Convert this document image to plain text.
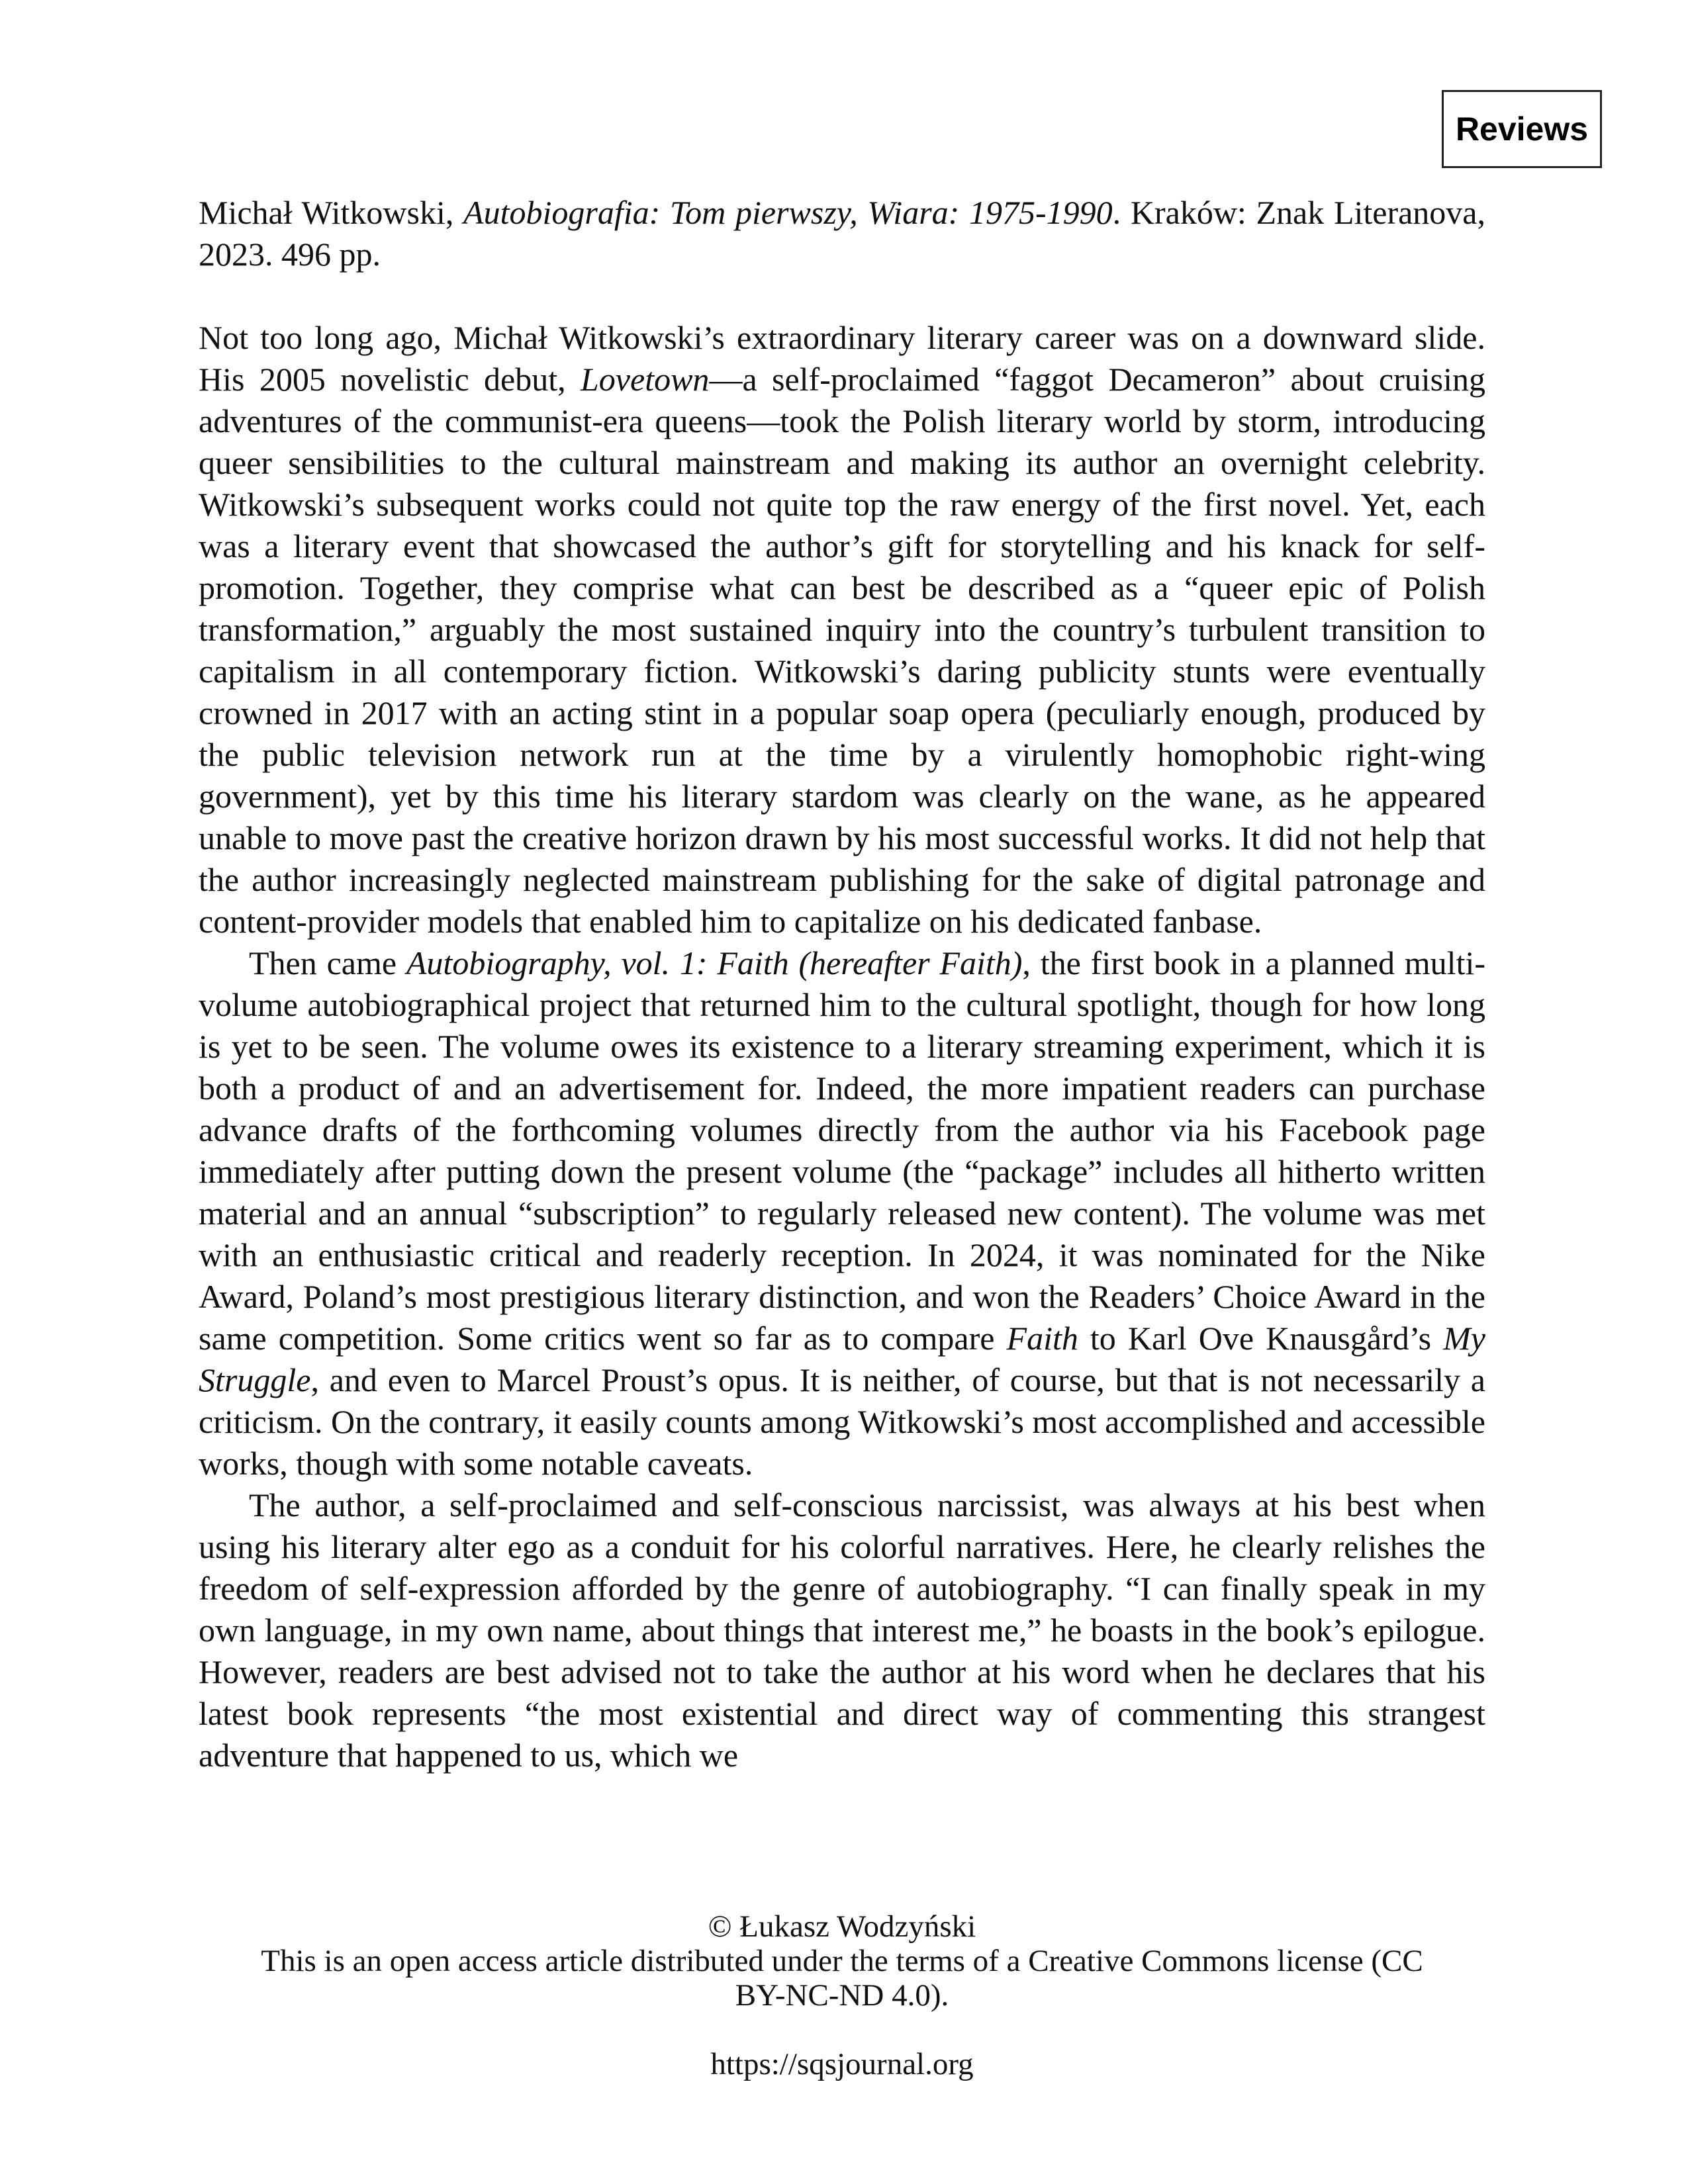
Reviews

Michał Witkowski, Autobiografia: Tom pierwszy, Wiara: 1975-1990. Kraków: Znak Literanova, 2023. 496 pp.

Not too long ago, Michał Witkowski’s extraordinary literary career was on a downward slide. His 2005 novelistic debut, Lovetown—a self-proclaimed “faggot Decameron” about cruising adventures of the communist-era queens—took the Polish literary world by storm, introducing queer sensibilities to the cultural mainstream and making its author an overnight celebrity. Witkowski’s subsequent works could not quite top the raw energy of the first novel. Yet, each was a literary event that showcased the author’s gift for storytelling and his knack for self-promotion. Together, they comprise what can best be described as a “queer epic of Polish transformation,” arguably the most sustained inquiry into the country’s turbulent transition to capitalism in all contemporary fiction. Witkowski’s daring publicity stunts were eventually crowned in 2017 with an acting stint in a popular soap opera (peculiarly enough, produced by the public television network run at the time by a virulently homophobic right-wing government), yet by this time his literary stardom was clearly on the wane, as he appeared unable to move past the creative horizon drawn by his most successful works. It did not help that the author increasingly neglected mainstream publishing for the sake of digital patronage and content-provider models that enabled him to capitalize on his dedicated fanbase.

Then came Autobiography, vol. 1: Faith (hereafter Faith), the first book in a planned multi-volume autobiographical project that returned him to the cultural spotlight, though for how long is yet to be seen. The volume owes its existence to a literary streaming experiment, which it is both a product of and an advertisement for. Indeed, the more impatient readers can purchase advance drafts of the forthcoming volumes directly from the author via his Facebook page immediately after putting down the present volume (the “package” includes all hitherto written material and an annual “subscription” to regularly released new content). The volume was met with an enthusiastic critical and readerly reception. In 2024, it was nominated for the Nike Award, Poland’s most prestigious literary distinction, and won the Readers’ Choice Award in the same competition. Some critics went so far as to compare Faith to Karl Ove Knausgård’s My Struggle, and even to Marcel Proust’s opus. It is neither, of course, but that is not necessarily a criticism. On the contrary, it easily counts among Witkowski’s most accomplished and accessible works, though with some notable caveats.

The author, a self-proclaimed and self-conscious narcissist, was always at his best when using his literary alter ego as a conduit for his colorful narratives. Here, he clearly relishes the freedom of self-expression afforded by the genre of autobiography. “I can finally speak in my own language, in my own name, about things that interest me,” he boasts in the book’s epilogue. However, readers are best advised not to take the author at his word when he declares that his latest book represents “the most existential and direct way of commenting this strangest adventure that happened to us, which we

© Łukasz Wodzyński
This is an open access article distributed under the terms of a Creative Commons license (CC
BY-NC-ND 4.0).
https://sqsjournal.org
